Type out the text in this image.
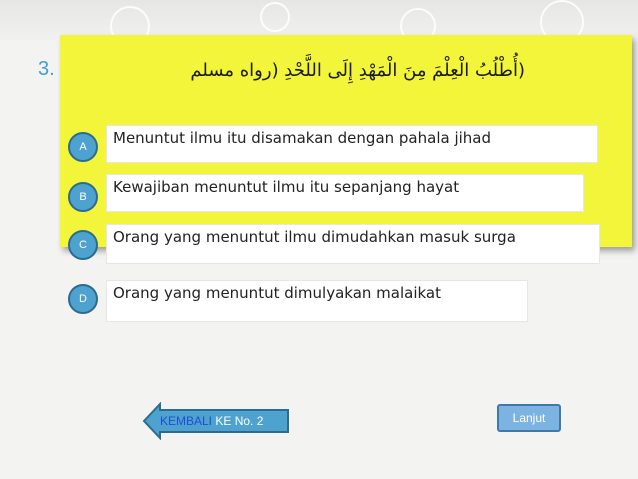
3.	(أُطْلُبُ الْعِلْمَ مِنَ الْمَهْدِ إِلَى اللَّحْدِ (رواه مسلم
A	Menuntut ilmu itu disamakan dengan pahala jihad
B
Kewajiban menuntut ilmu itu sepanjang hayat
C	Orang yang menuntut ilmu dimudahkan masuk surga
D	Orang yang menuntut dimulyakan malaikat
KEMBALI KE No. 2	Lanjut
